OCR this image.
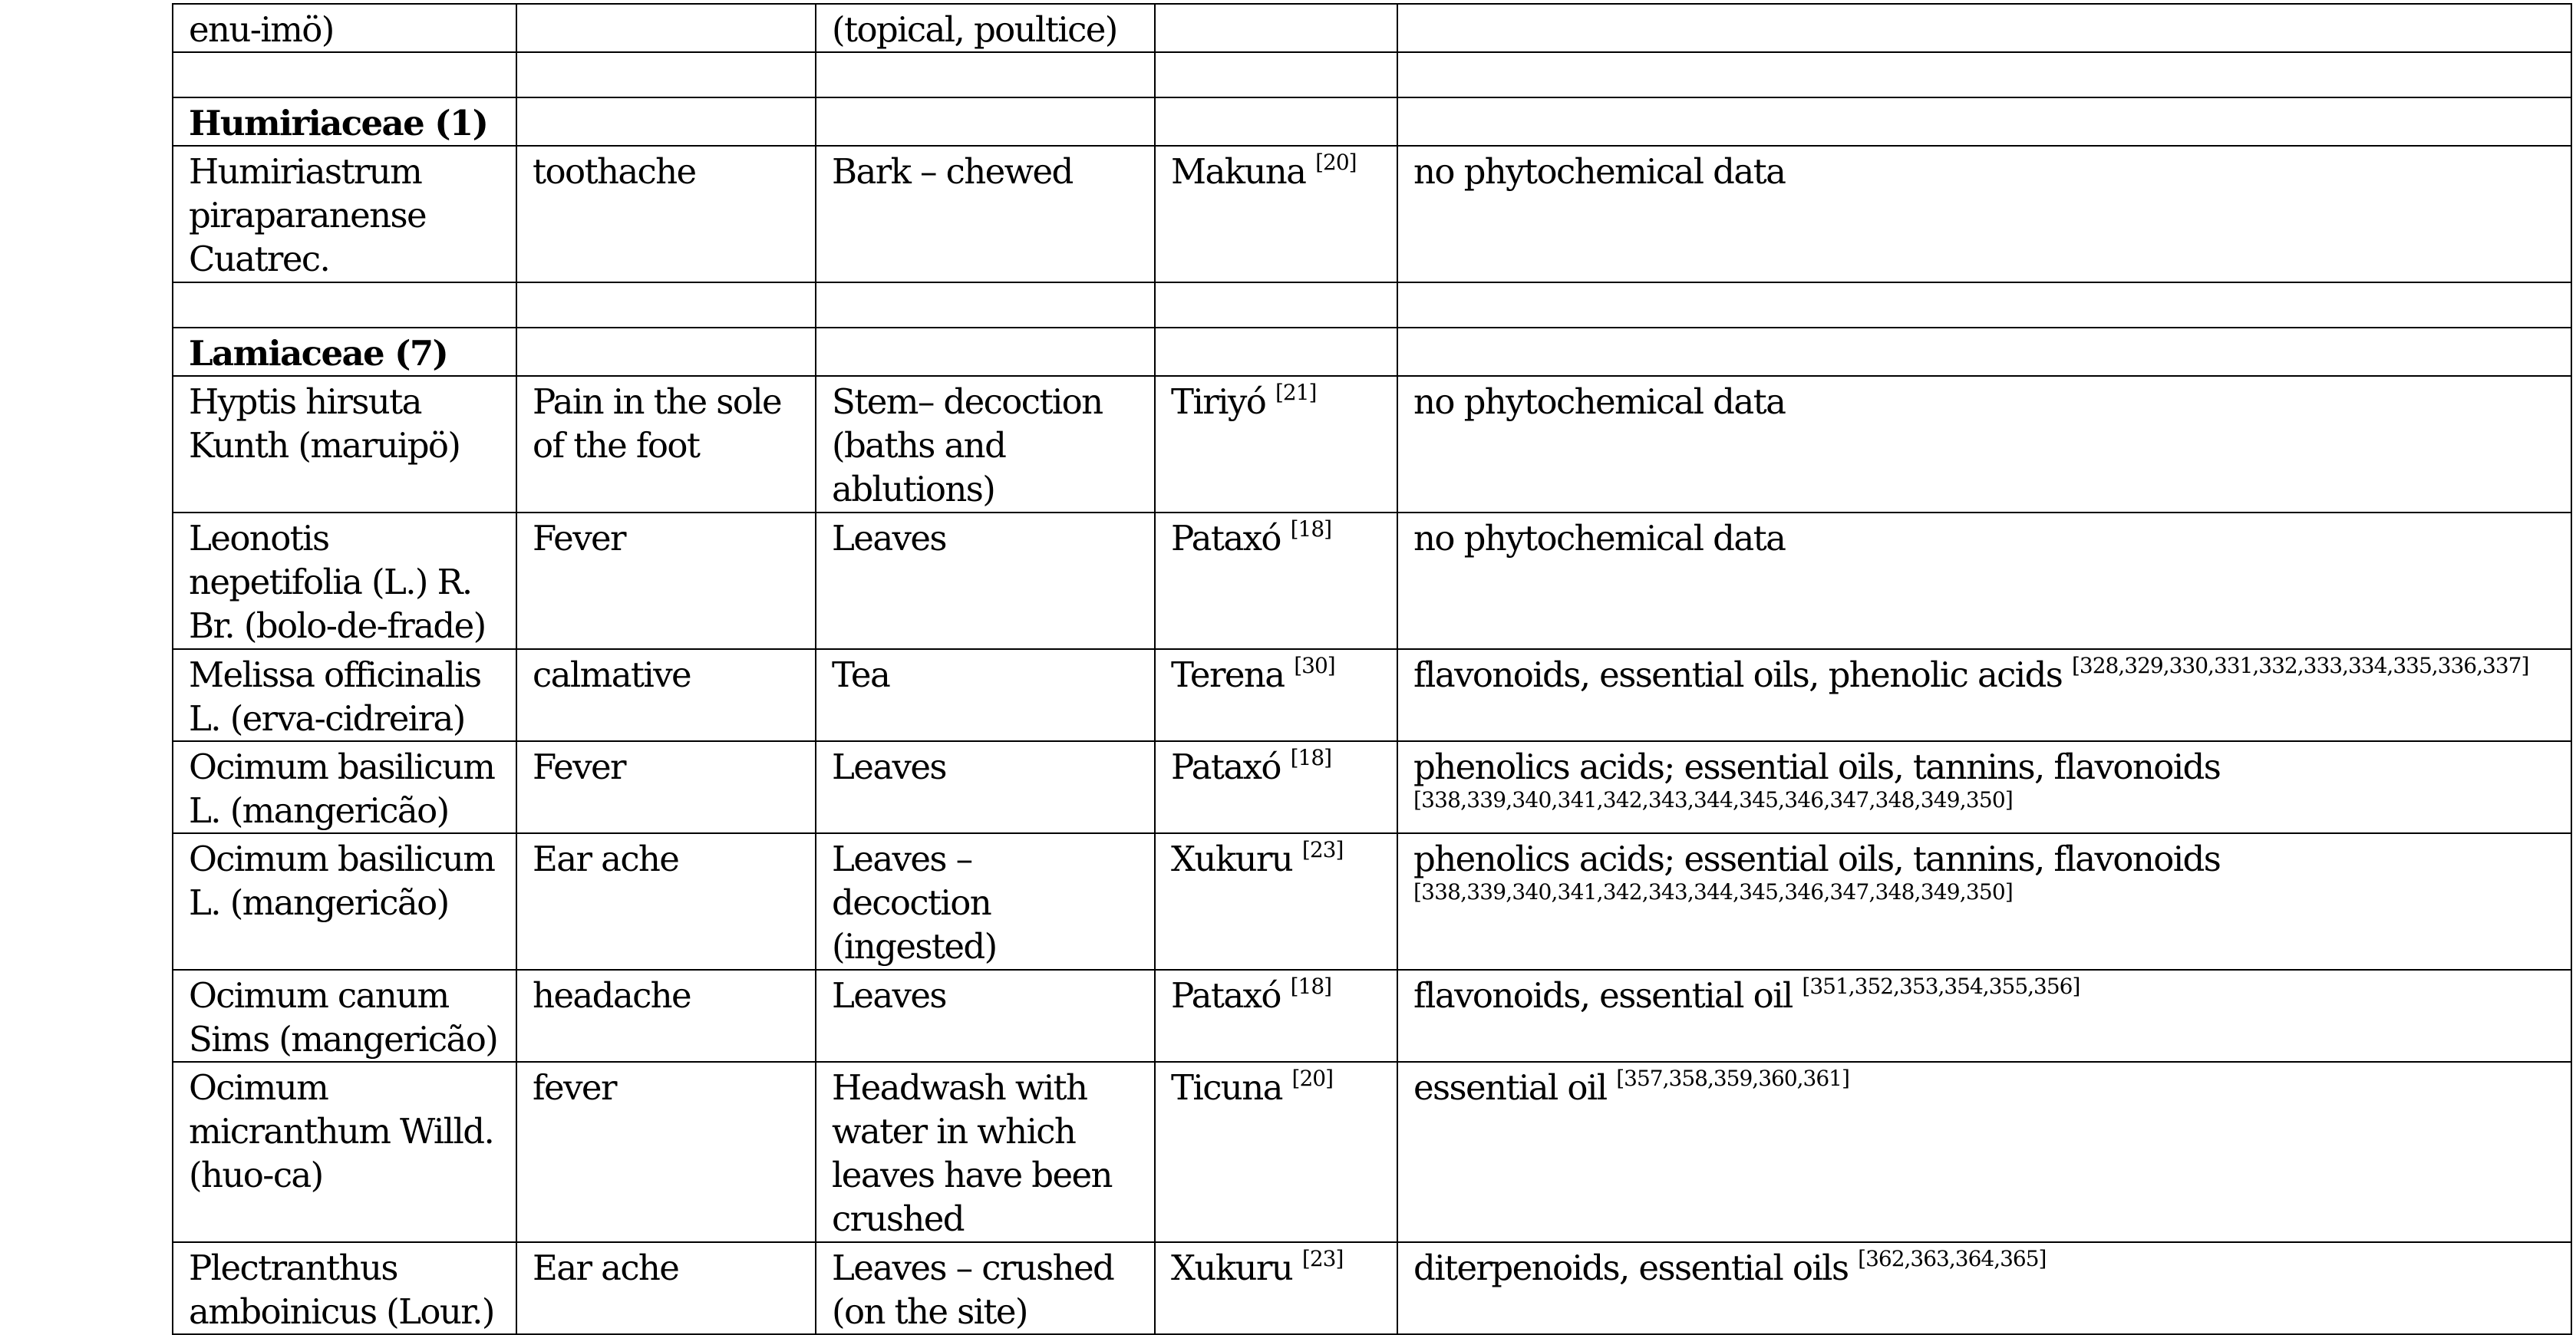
enu-imö)		(topical, poultice)		

Humiriaceae (1)				
Humiriastrum piraparanense Cuatrec.	toothache	Bark – chewed	Makuna [20]	no phytochemical data

Lamiaceae (7)				
Hyptis hirsuta Kunth (maruipö)	Pain in the sole of the foot	Stem– decoction (baths and ablutions)	Tiriyó [21]	no phytochemical data
Leonotis nepetifolia (L.) R. Br. (bolo-de-frade)	Fever	Leaves	Pataxó [18]	no phytochemical data
Melissa officinalis L. (erva-cidreira)	calmative	Tea	Terena [30]	flavonoids, essential oils, phenolic acids [328,329,330,331,332,333,334,335,336,337]
Ocimum basilicum L. (mangericão)	Fever	Leaves	Pataxó [18]	phenolics acids; essential oils, tannins, flavonoids
[338,339,340,341,342,343,344,345,346,347,348,349,350]

Ocimum basilicum L. (mangericão)	Ear ache	Leaves – decoction (ingested)	Xukuru [23]	phenolics acids; essential oils, tannins, flavonoids
[338,339,340,341,342,343,344,345,346,347,348,349,350]

Ocimum canum Sims (mangericão)	headache	Leaves	Pataxó [18]	flavonoids, essential oil [351,352,353,354,355,356]
Ocimum micranthum Willd. (huo-ca)	fever	Headwash with water in which leaves have been crushed	Ticuna [20]	essential oil [357,358,359,360,361]
Plectranthus amboinicus (Lour.)	Ear ache	Leaves – crushed (on the site)	Xukuru [23]	diterpenoids, essential oils [362,363,364,365]
